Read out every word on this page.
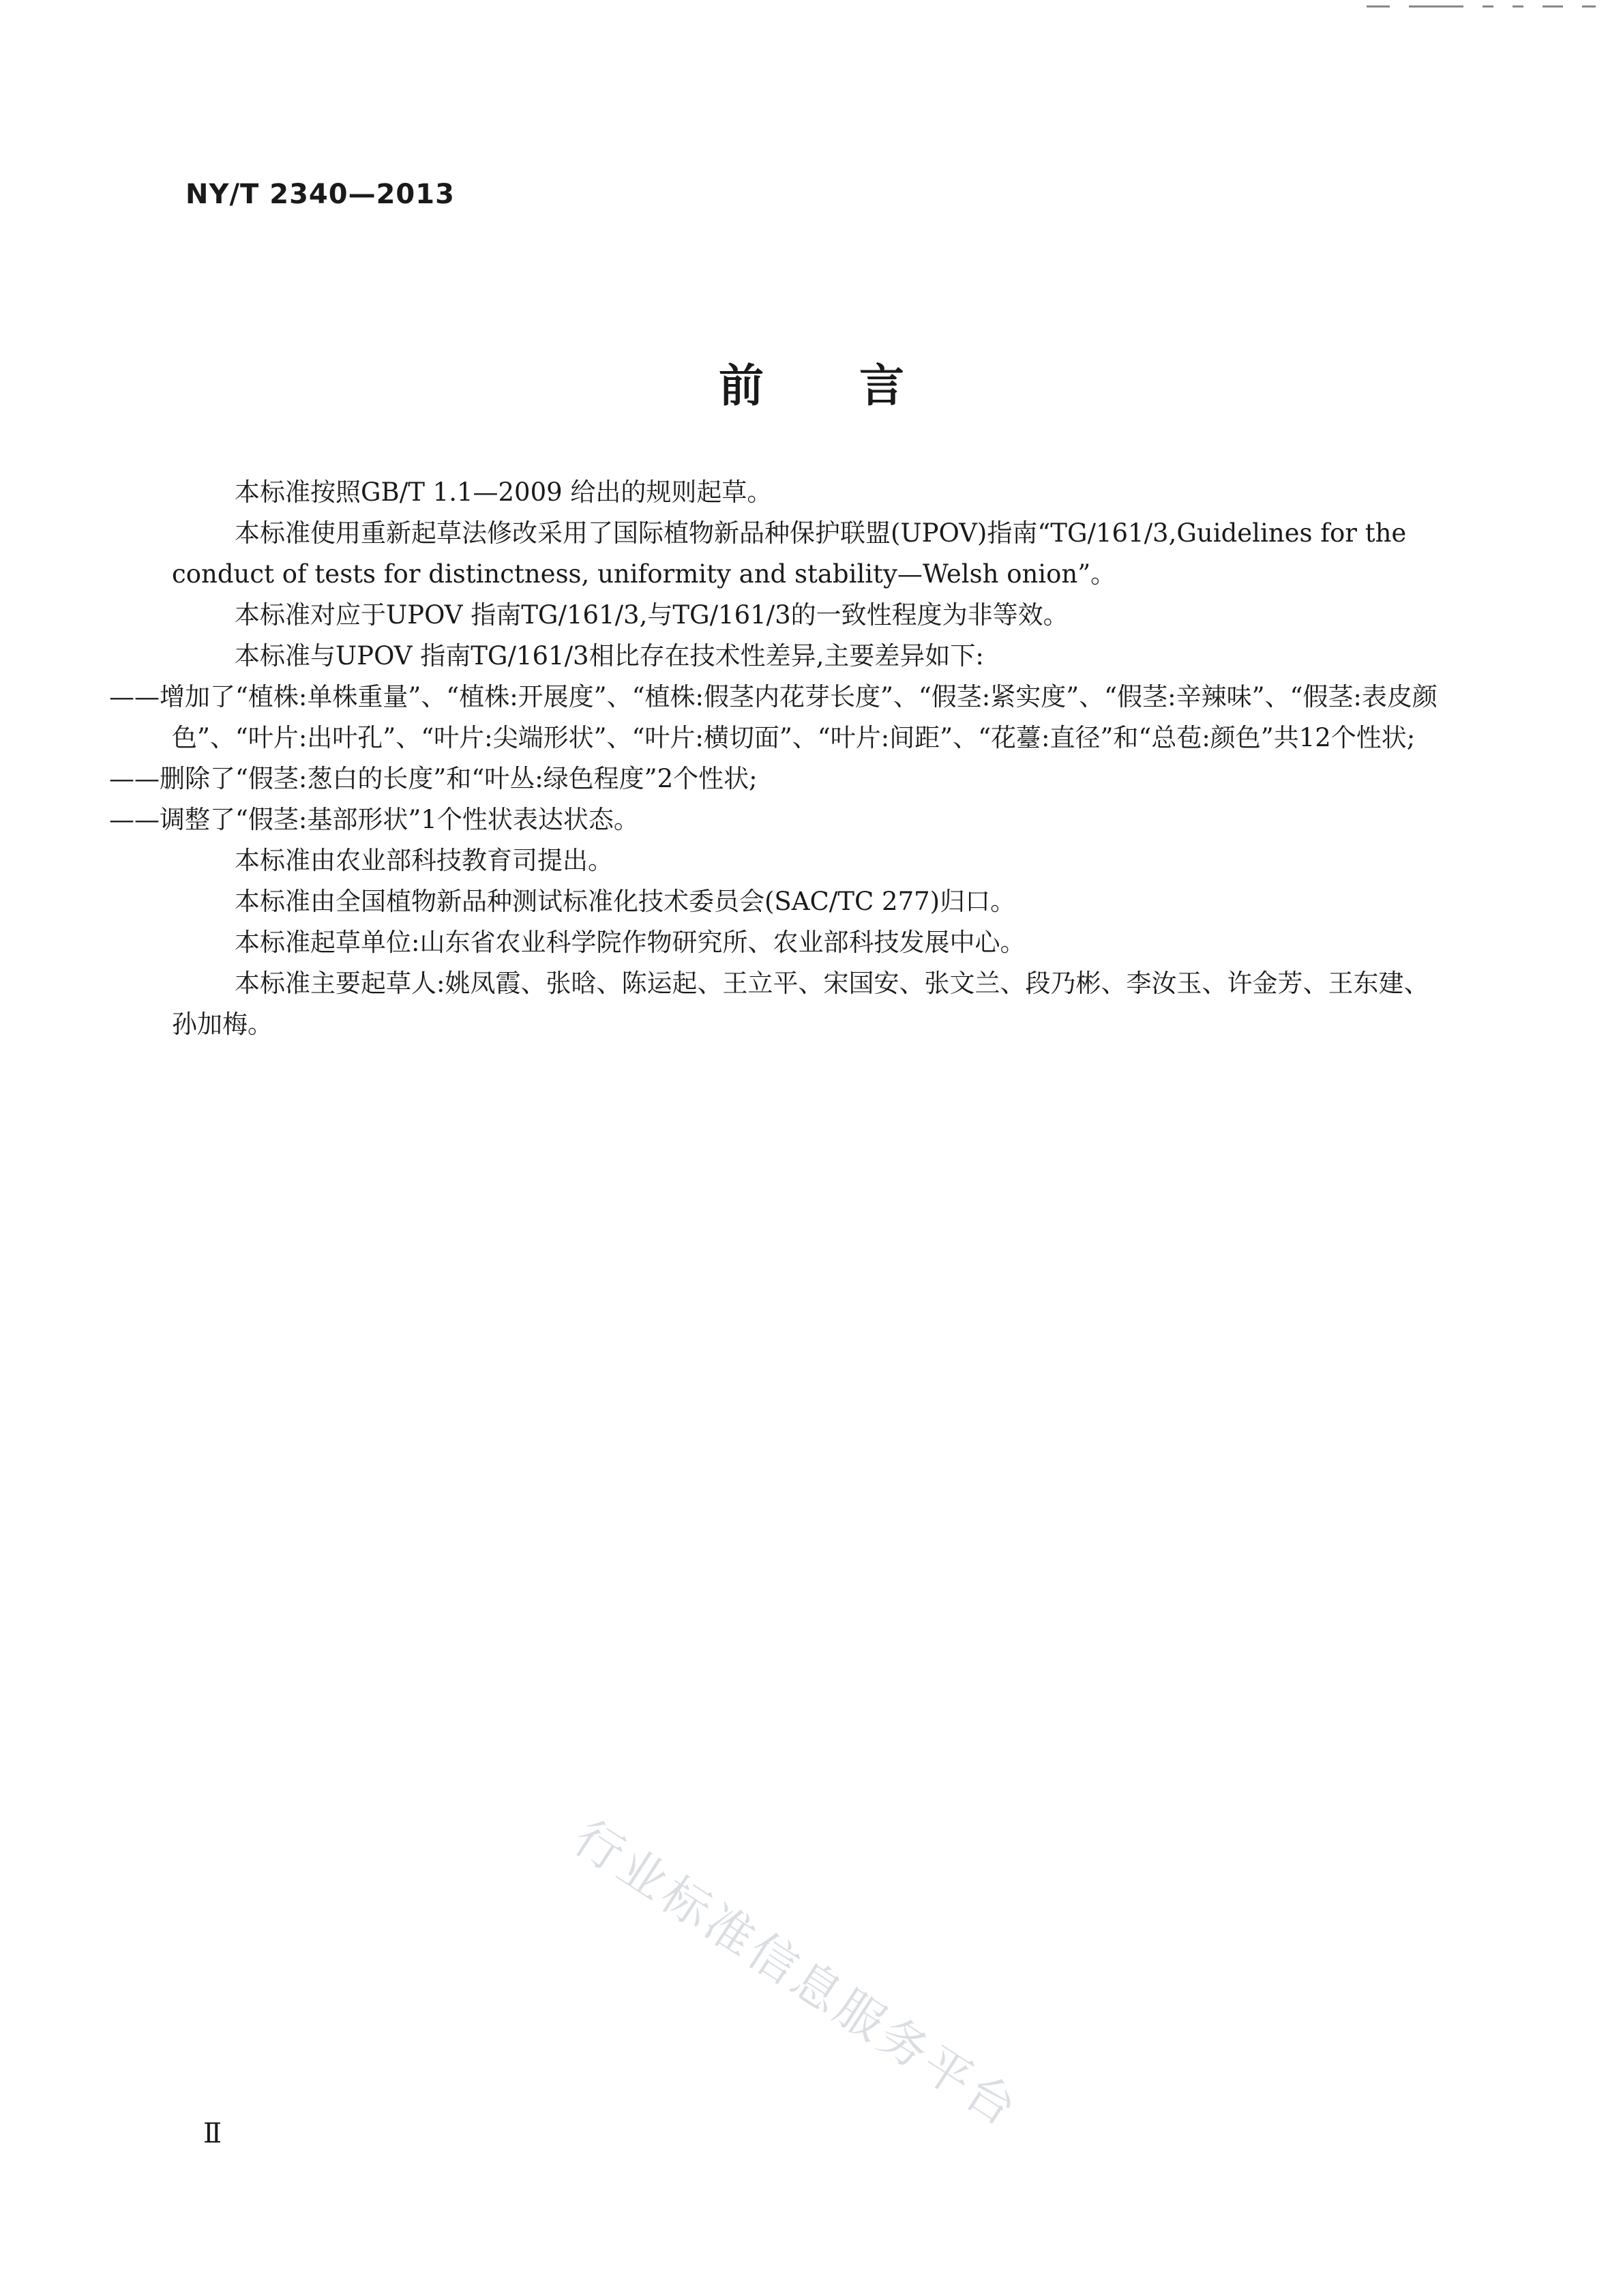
NY/T 2340—2013
前言

本标准按照GB/T 1.1—2009 给出的规则起草。

本标准使用重新起草法修改采用了国际植物新品种保护联盟(UPOV)指南“TG/161/3,Guidelines for the conduct of tests for distinctness, uniformity and stability—Welsh onion”。

本标准对应于UPOV 指南TG/161/3,与TG/161/3的一致性程度为非等效。

本标准与UPOV 指南TG/161/3相比存在技术性差异,主要差异如下:

——增加了“植株:单株重量”、“植株:开展度”、“植株:假茎内花芽长度”、“假茎:紧实度”、“假茎:辛辣味”、“假茎:表皮颜色”、“叶片:出叶孔”、“叶片:尖端形状”、“叶片:横切面”、“叶片:间距”、“花薹:直径”和“总苞:颜色”共12个性状;

——删除了“假茎:葱白的长度”和“叶丛:绿色程度”2个性状;

——调整了“假茎:基部形状”1个性状表达状态。

本标准由农业部科技教育司提出。

本标准由全国植物新品种测试标准化技术委员会(SAC/TC 277)归口。

本标准起草单位:山东省农业科学院作物研究所、农业部科技发展中心。

本标准主要起草人:姚凤霞、张晗、陈运起、王立平、宋国安、张文兰、段乃彬、李汝玉、许金芳、王东建、孙加梅。

行业标准信息服务平台
Ⅱ
